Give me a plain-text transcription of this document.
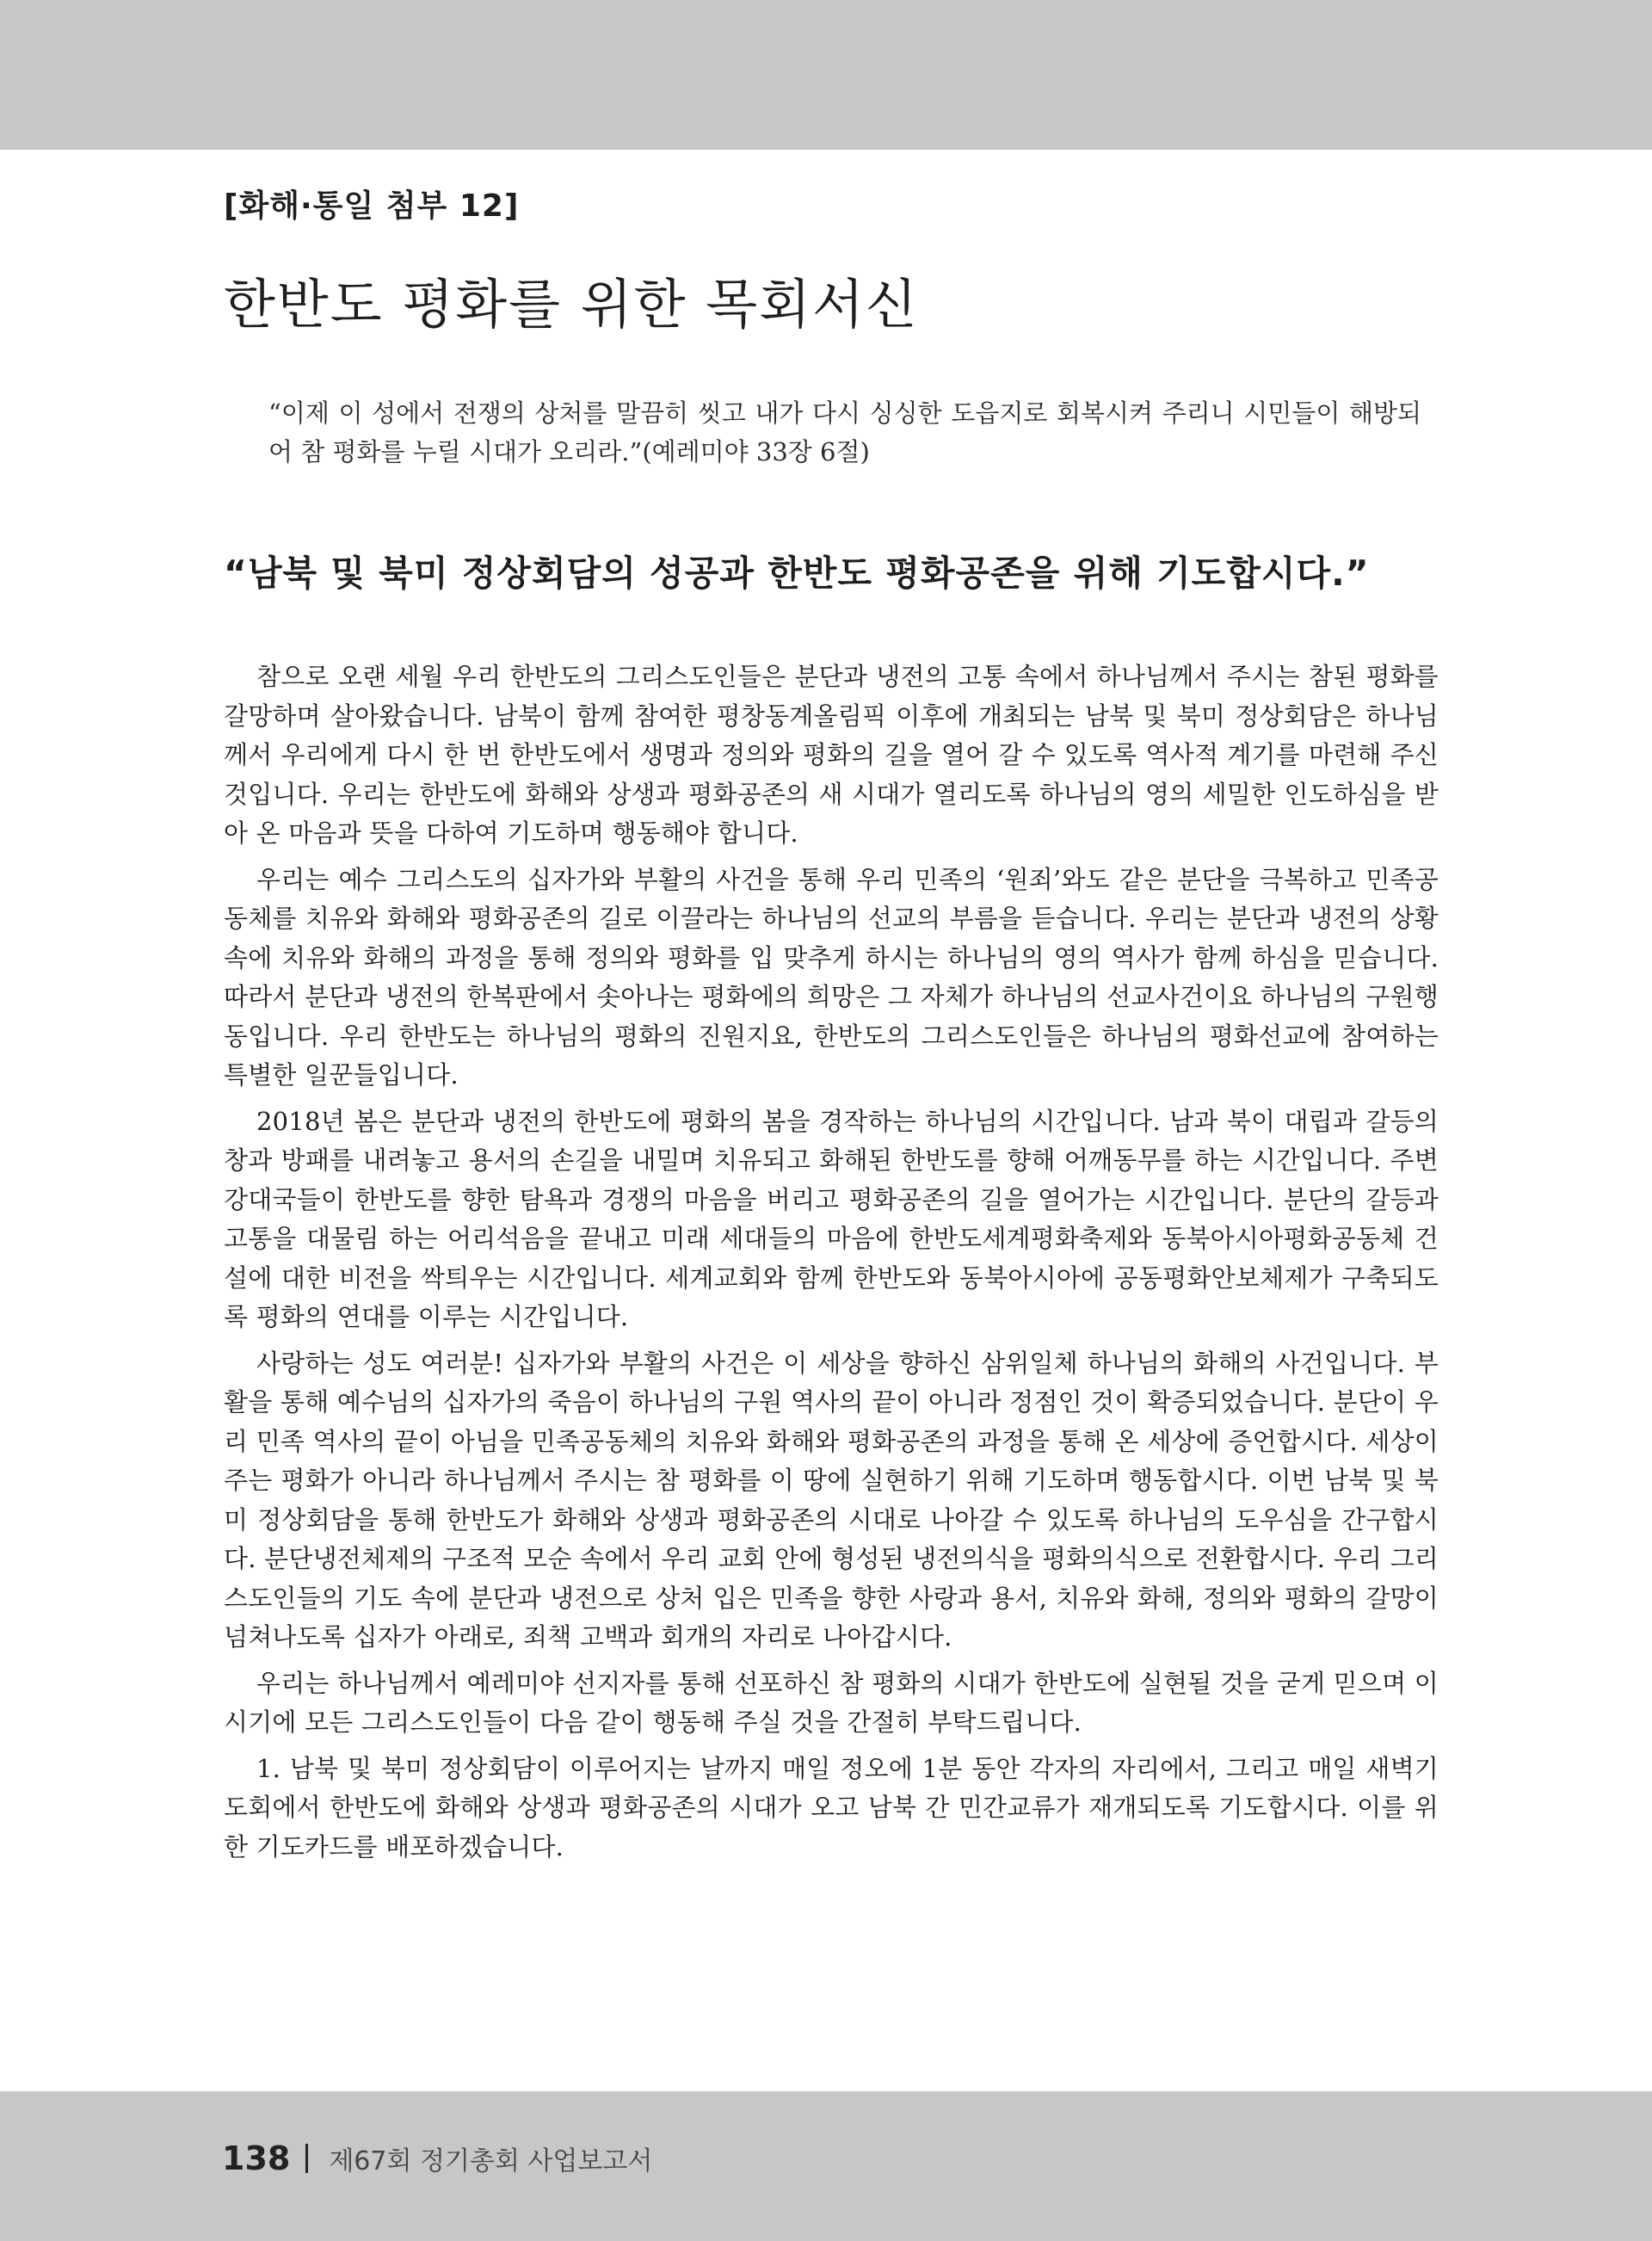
[화해·통일 첨부 12]

한반도 평화를 위한 목회서신

“이제 이 성에서 전쟁의 상처를 말끔히 씻고 내가 다시 싱싱한 도읍지로 회복시켜 주리니 시민들이 해방되어 참 평화를 누릴 시대가 오리라.”(예레미야 33장 6절)

“남북 및 북미 정상회담의 성공과 한반도 평화공존을 위해 기도합시다.”

참으로 오랜 세월 우리 한반도의 그리스도인들은 분단과 냉전의 고통 속에서 하나님께서 주시는 참된 평화를 갈망하며 살아왔습니다. 남북이 함께 참여한 평창동계올림픽 이후에 개최되는 남북 및 북미 정상회담은 하나님께서 우리에게 다시 한 번 한반도에서 생명과 정의와 평화의 길을 열어 갈 수 있도록 역사적 계기를 마련해 주신 것입니다. 우리는 한반도에 화해와 상생과 평화공존의 새 시대가 열리도록 하나님의 영의 세밀한 인도하심을 받아 온 마음과 뜻을 다하여 기도하며 행동해야 합니다.

우리는 예수 그리스도의 십자가와 부활의 사건을 통해 우리 민족의 ‘원죄’와도 같은 분단을 극복하고 민족공동체를 치유와 화해와 평화공존의 길로 이끌라는 하나님의 선교의 부름을 듣습니다. 우리는 분단과 냉전의 상황 속에 치유와 화해의 과정을 통해 정의와 평화를 입 맞추게 하시는 하나님의 영의 역사가 함께 하심을 믿습니다. 따라서 분단과 냉전의 한복판에서 솟아나는 평화에의 희망은 그 자체가 하나님의 선교사건이요 하나님의 구원행동입니다. 우리 한반도는 하나님의 평화의 진원지요, 한반도의 그리스도인들은 하나님의 평화선교에 참여하는 특별한 일꾼들입니다.

2018년 봄은 분단과 냉전의 한반도에 평화의 봄을 경작하는 하나님의 시간입니다. 남과 북이 대립과 갈등의 창과 방패를 내려놓고 용서의 손길을 내밀며 치유되고 화해된 한반도를 향해 어깨동무를 하는 시간입니다. 주변 강대국들이 한반도를 향한 탐욕과 경쟁의 마음을 버리고 평화공존의 길을 열어가는 시간입니다. 분단의 갈등과 고통을 대물림 하는 어리석음을 끝내고 미래 세대들의 마음에 한반도세계평화축제와 동북아시아평화공동체 건설에 대한 비전을 싹틔우는 시간입니다. 세계교회와 함께 한반도와 동북아시아에 공동평화안보체제가 구축되도록 평화의 연대를 이루는 시간입니다.

사랑하는 성도 여러분! 십자가와 부활의 사건은 이 세상을 향하신 삼위일체 하나님의 화해의 사건입니다. 부활을 통해 예수님의 십자가의 죽음이 하나님의 구원 역사의 끝이 아니라 정점인 것이 확증되었습니다. 분단이 우리 민족 역사의 끝이 아님을 민족공동체의 치유와 화해와 평화공존의 과정을 통해 온 세상에 증언합시다. 세상이 주는 평화가 아니라 하나님께서 주시는 참 평화를 이 땅에 실현하기 위해 기도하며 행동합시다. 이번 남북 및 북미 정상회담을 통해 한반도가 화해와 상생과 평화공존의 시대로 나아갈 수 있도록 하나님의 도우심을 간구합시다. 분단냉전체제의 구조적 모순 속에서 우리 교회 안에 형성된 냉전의식을 평화의식으로 전환합시다. 우리 그리스도인들의 기도 속에 분단과 냉전으로 상처 입은 민족을 향한 사랑과 용서, 치유와 화해, 정의와 평화의 갈망이 넘쳐나도록 십자가 아래로, 죄책 고백과 회개의 자리로 나아갑시다.

우리는 하나님께서 예레미야 선지자를 통해 선포하신 참 평화의 시대가 한반도에 실현될 것을 굳게 믿으며 이 시기에 모든 그리스도인들이 다음 같이 행동해 주실 것을 간절히 부탁드립니다.

1. 남북 및 북미 정상회담이 이루어지는 날까지 매일 정오에 1분 동안 각자의 자리에서, 그리고 매일 새벽기도회에서 한반도에 화해와 상생과 평화공존의 시대가 오고 남북 간 민간교류가 재개되도록 기도합시다. 이를 위한 기도카드를 배포하겠습니다.

138 제67회 정기총회 사업보고서
